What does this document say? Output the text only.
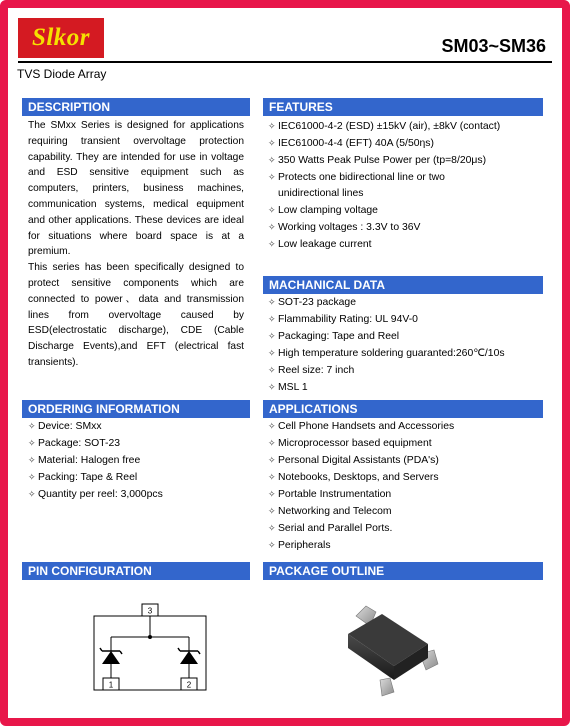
Slkor	SM03~SM36
TVS Diode Array
DESCRIPTION

The SMxx Series is designed for applications requiring transient overvoltage protection capability. They are intended for use in voltage and ESD sensitive equipment such as computers, printers, business machines, communication systems, medical equipment and other applications. These devices are ideal for situations where board space is at a premium.

This series has been specifically designed to protect sensitive components which are connected to power、data and transmission lines from overvoltage caused by ESD(electrostatic discharge), CDE (Cable Discharge Events),and EFT (electrical fast transients).

FEATURES
✧ IEC61000-4-2 (ESD) ±15kV (air), ±8kV (contact)
✧ IEC61000-4-4 (EFT) 40A (5/50ηs)
✧ 350 Watts Peak Pulse Power per (tp=8/20μs)
✧ Protects one bidirectional line or two
unidirectional lines
✧ Low clamping voltage
✧ Working voltages : 3.3V to 36V
✧ Low leakage current
MACHANICAL DATA
✧ SOT-23 package
✧ Flammability Rating: UL 94V-0
✧ Packaging: Tape and Reel
✧ High temperature soldering guaranted:260℃/10s
✧ Reel size: 7 inch
✧ MSL 1
ORDERING INFORMATION
✧ Device: SMxx
✧ Package: SOT-23
✧ Material: Halogen free
✧ Packing: Tape & Reel
✧ Quantity per reel: 3,000pcs
APPLICATIONS
✧ Cell Phone Handsets and Accessories
✧ Microprocessor based equipment
✧ Personal Digital Assistants (PDA's)
✧ Notebooks, Desktops, and Servers
✧ Portable Instrumentation
✧ Networking and Telecom
✧ Serial and Parallel Ports.
✧ Peripherals
PIN CONFIGURATION
3
1	2
PACKAGE OUTLINE
